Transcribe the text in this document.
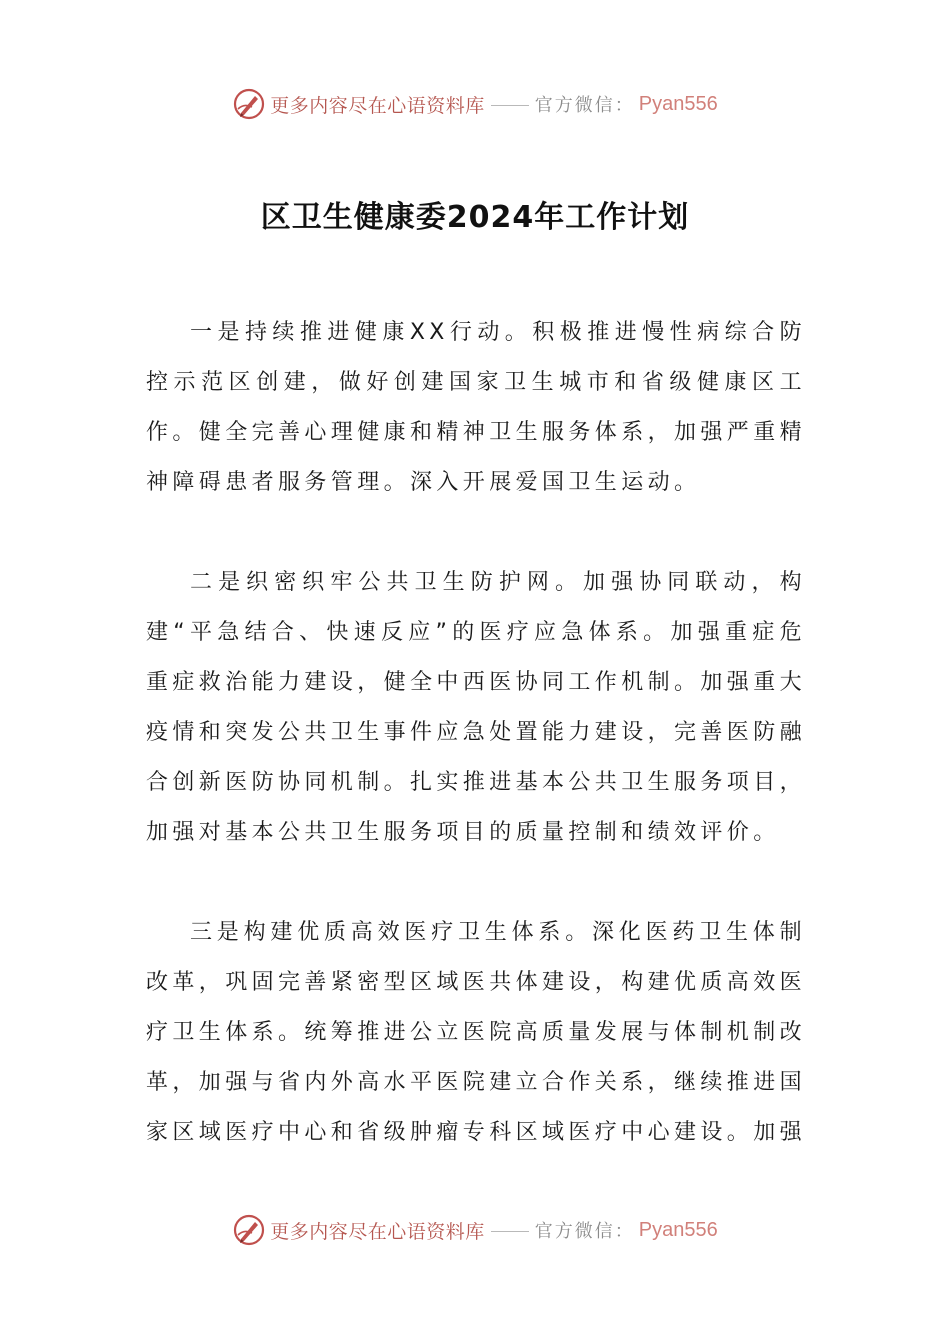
更多内容尽在心语资料库	官方微信： Pyan556
区卫生健康委2024年工作计划

一是持续推进健康XX行动。积极推进慢性病综合防控示范区创建，做好创建国家卫生城市和省级健康区工作。健全完善心理健康和精神卫生服务体系，加强严重精神障碍患者服务管理。深入开展爱国卫生运动。

二是织密织牢公共卫生防护网。加强协同联动，构建“平急结合、快速反应”的医疗应急体系。加强重症危重症救治能力建设，健全中西医协同工作机制。加强重大疫情和突发公共卫生事件应急处置能力建设，完善医防融合创新医防协同机制。扎实推进基本公共卫生服务项目，加强对基本公共卫生服务项目的质量控制和绩效评价。

三是构建优质高效医疗卫生体系。深化医药卫生体制改革，巩固完善紧密型区域医共体建设，构建优质高效医疗卫生体系。统筹推进公立医院高质量发展与体制机制改革，加强与省内外高水平医院建立合作关系，继续推进国家区域医疗中心和省级肿瘤专科区域医疗中心建设。加强

更多内容尽在心语资料库	官方微信： Pyan556
